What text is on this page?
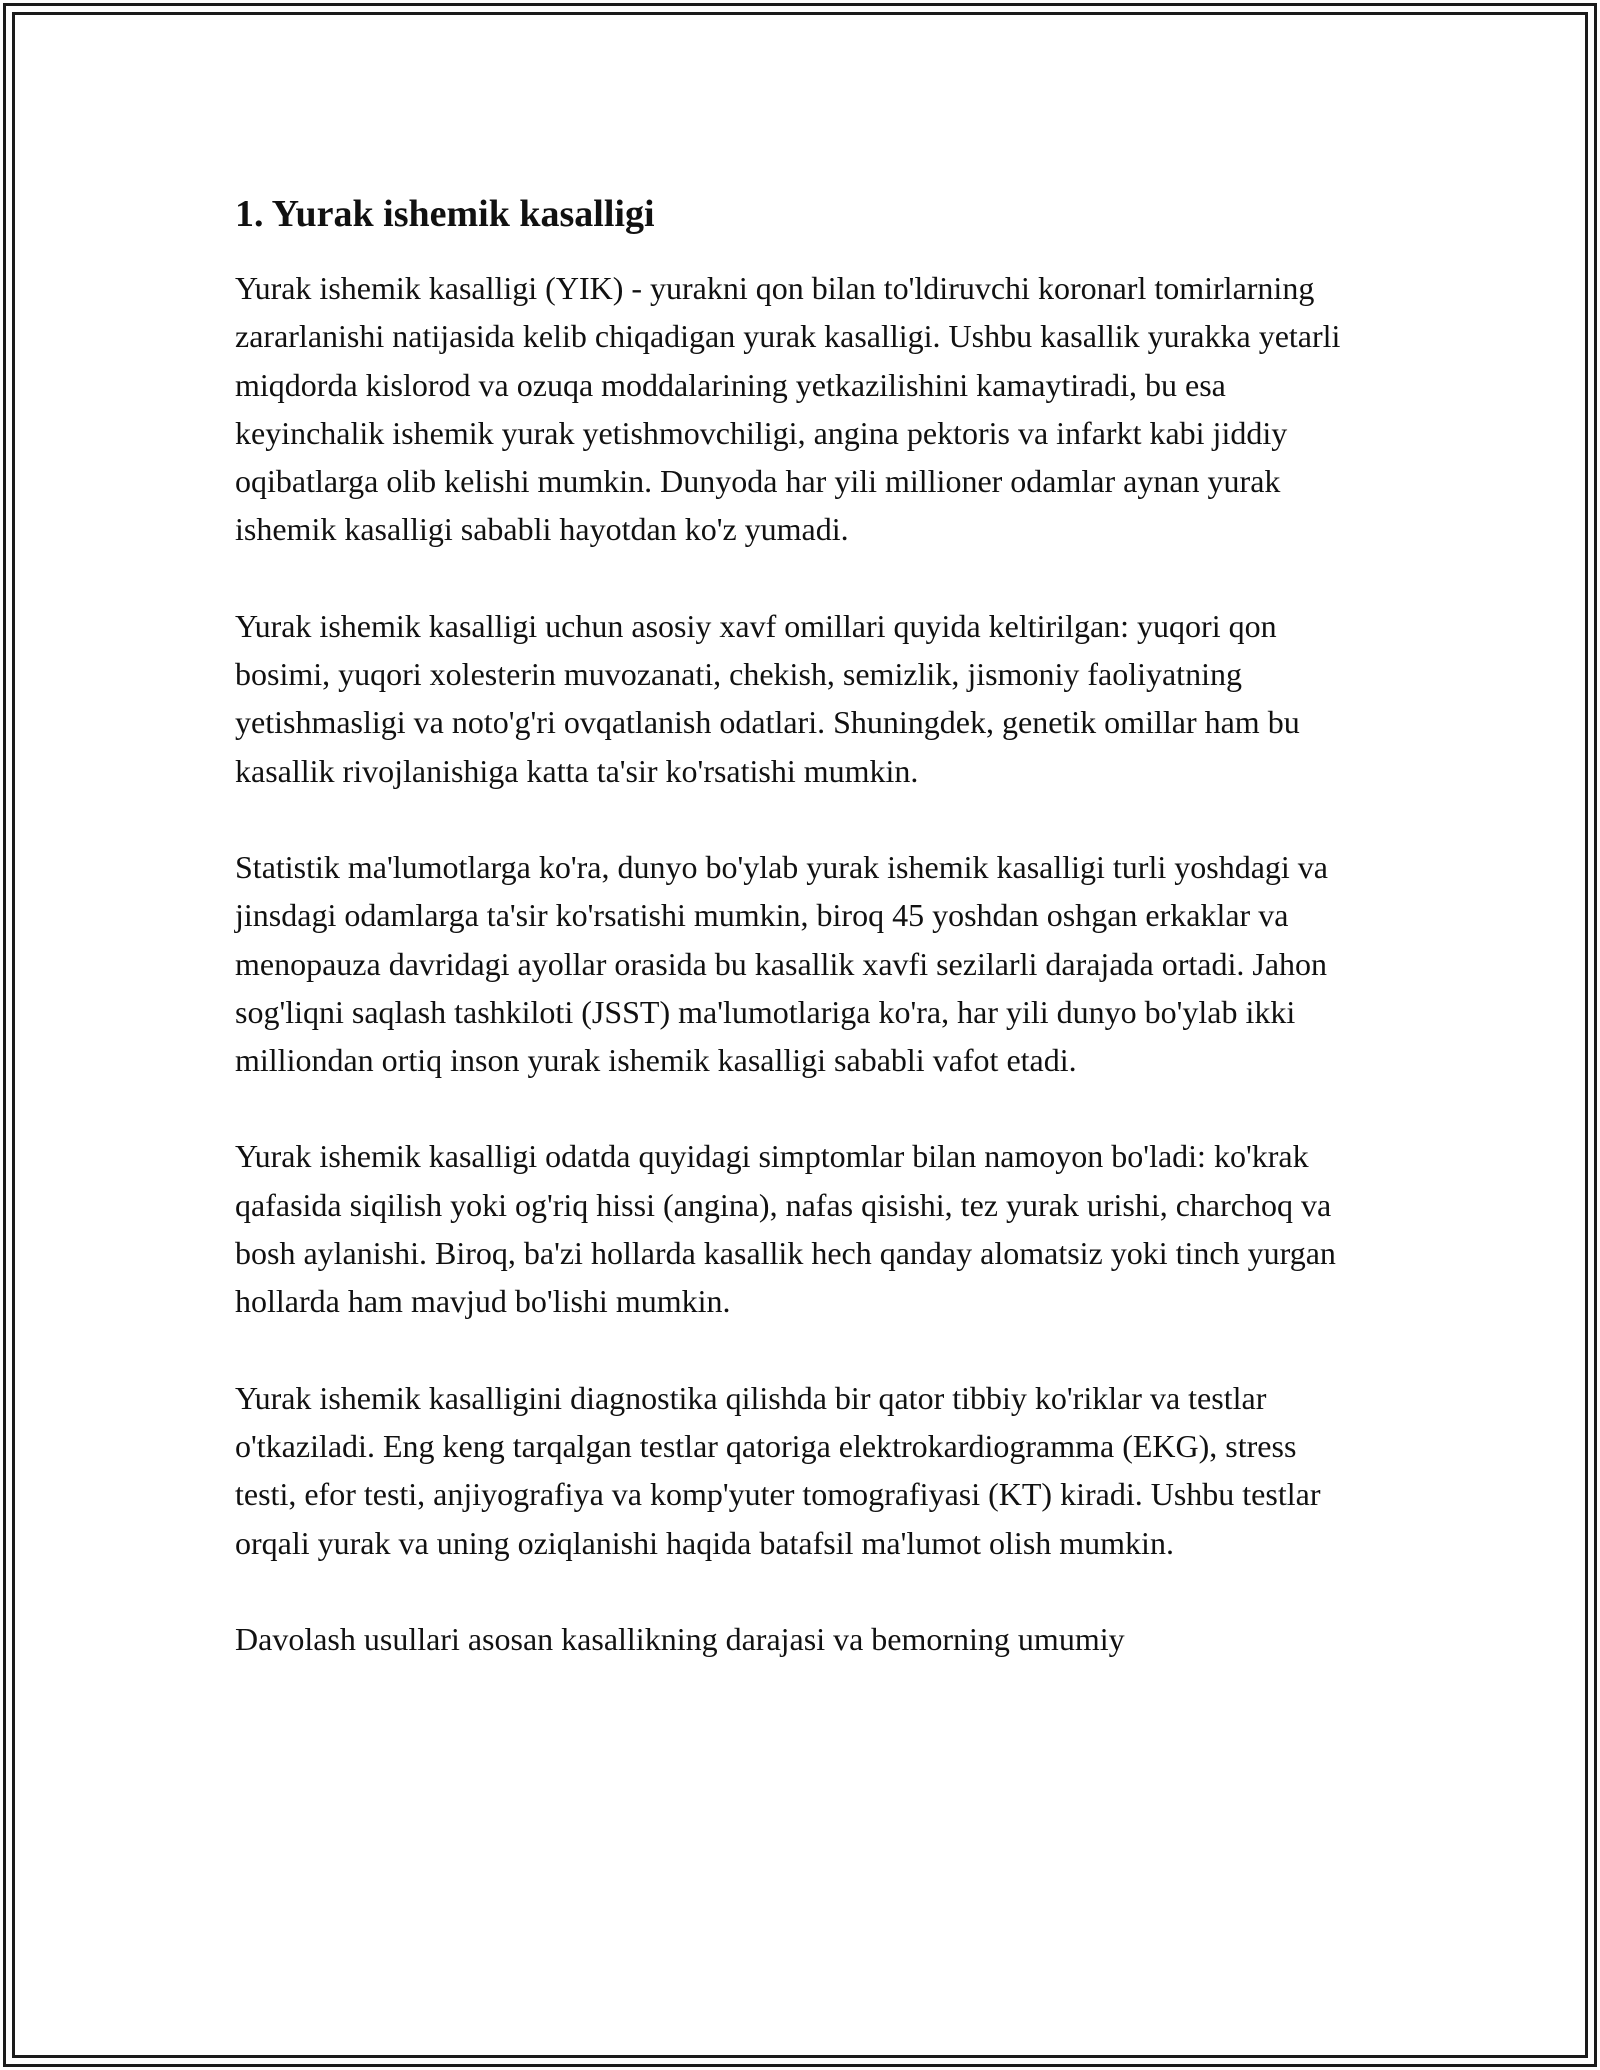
1. Yurak ishemik kasalligi

Yurak ishemik kasalligi (YIK) - yurakni qon bilan to'ldiruvchi koronarl tomirlarning zararlanishi natijasida kelib chiqadigan yurak kasalligi. Ushbu kasallik yurakka yetarli miqdorda kislorod va ozuqa moddalarining yetkazilishini kamaytiradi, bu esa keyinchalik ishemik yurak yetishmovchiligi, angina pektoris va infarkt kabi jiddiy oqibatlarga olib kelishi mumkin. Dunyoda har yili millioner odamlar aynan yurak ishemik kasalligi sababli hayotdan ko'z yumadi.

Yurak ishemik kasalligi uchun asosiy xavf omillari quyida keltirilgan: yuqori qon bosimi, yuqori xolesterin muvozanati, chekish, semizlik, jismoniy faoliyatning yetishmasligi va noto'g'ri ovqatlanish odatlari. Shuningdek, genetik omillar ham bu kasallik rivojlanishiga katta ta'sir ko'rsatishi mumkin.

Statistik ma'lumotlarga ko'ra, dunyo bo'ylab yurak ishemik kasalligi turli yoshdagi va jinsdagi odamlarga ta'sir ko'rsatishi mumkin, biroq 45 yoshdan oshgan erkaklar va menopauza davridagi ayollar orasida bu kasallik xavfi sezilarli darajada ortadi. Jahon sog'liqni saqlash tashkiloti (JSST) ma'lumotlariga ko'ra, har yili dunyo bo'ylab ikki milliondan ortiq inson yurak ishemik kasalligi sababli vafot etadi.

Yurak ishemik kasalligi odatda quyidagi simptomlar bilan namoyon bo'ladi: ko'krak qafasida siqilish yoki og'riq hissi (angina), nafas qisishi, tez yurak urishi, charchoq va bosh aylanishi. Biroq, ba'zi hollarda kasallik hech qanday alomatsiz yoki tinch yurgan hollarda ham mavjud bo'lishi mumkin.

Yurak ishemik kasalligini diagnostika qilishda bir qator tibbiy ko'riklar va testlar o'tkaziladi. Eng keng tarqalgan testlar qatoriga elektrokardiogramma (EKG), stress testi, efor testi, anjiyografiya va komp'yuter tomografiyasi (KT) kiradi. Ushbu testlar orqali yurak va uning oziqlanishi haqida batafsil ma'lumot olish mumkin.

Davolash usullari asosan kasallikning darajasi va bemorning umumiy
